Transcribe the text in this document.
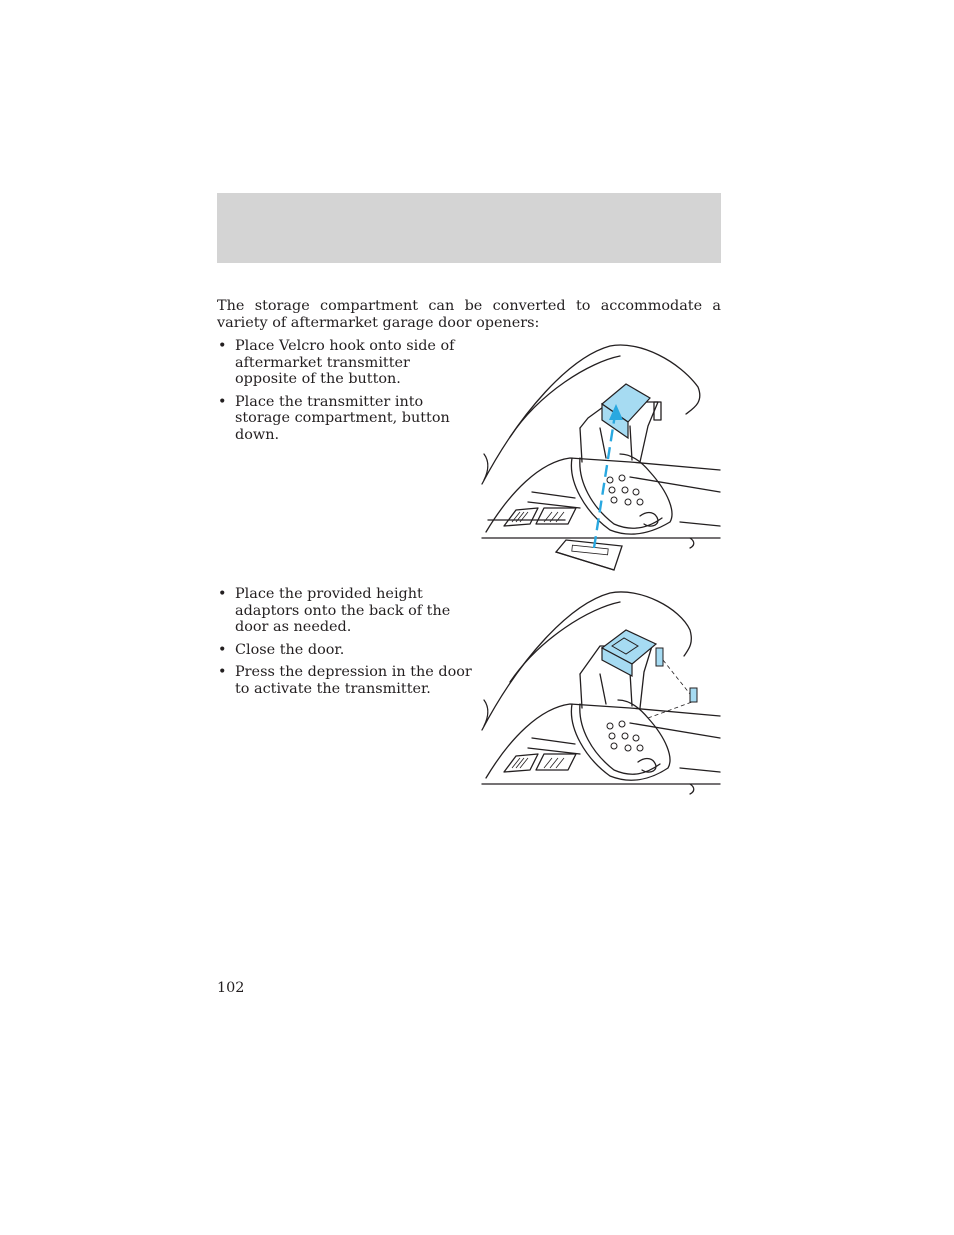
The storage compartment can be converted to accommodate a variety of aftermarket garage door openers:

• Place Velcro hook onto side of aftermarket transmitter opposite of the button.
• Place the transmitter into storage compartment, button down.
• Place the provided height adaptors onto the back of the door as needed.
• Close the door.
• Press the depression in the door to activate the transmitter.
102
